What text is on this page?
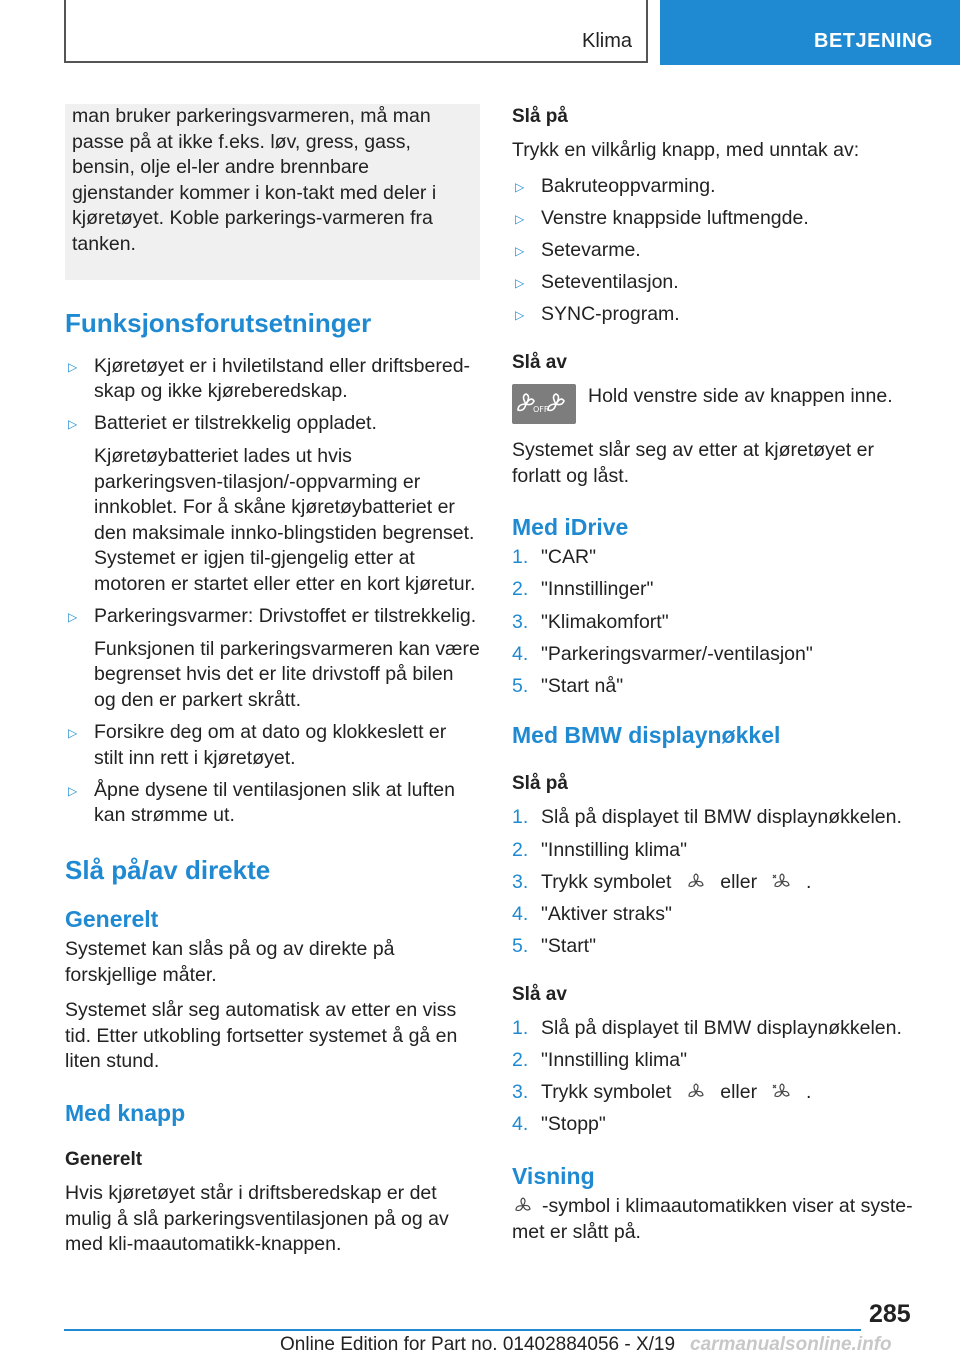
Klima	BETJENING
man bruker parkeringsvarmeren, må man passe på at ikke f.eks. løv, gress, gass, bensin, olje el-ler andre brennbare gjenstander kommer i kon-takt med deler i kjøretøyet. Koble parkerings-varmeren fra tanken.
Funksjonsforutsetninger
▷ Kjøretøyet er i hviletilstand eller driftsbered-skap og ikke kjøreberedskap.
▷ Batteriet er tilstrekkelig oppladet.
Kjøretøybatteriet lades ut hvis parkeringsven-tilasjon/-oppvarming er innkoblet. For å skåne kjøretøybatteriet er den maksimale innko-blingstiden begrenset. Systemet er igjen til-gjengelig etter at motoren er startet eller etter en kort kjøretur.
▷ Parkeringsvarmer: Drivstoffet er tilstrekkelig.
Funksjonen til parkeringsvarmeren kan være begrenset hvis det er lite drivstoff på bilen og den er parkert skrått.
▷ Forsikre deg om at dato og klokkeslett er stilt inn rett i kjøretøyet.
▷ Åpne dysene til ventilasjonen slik at luften kan strømme ut.
Slå på/av direkte
Generelt

Systemet kan slås på og av direkte på forskjellige måter.

Systemet slår seg automatisk av etter en viss tid. Etter utkobling fortsetter systemet å gå en liten stund.

Med knapp
Generelt

Hvis kjøretøyet står i driftsberedskap er det mulig å slå parkeringsventilasjonen på og av med kli-maautomatikk-knappen.

Slå på

Trykk en vilkårlig knapp, med unntak av:

▷ Bakruteoppvarming.
▷ Venstre knappside luftmengde.
▷ Setevarme.
▷ Seteventilasjon.
▷ SYNC-program.
Slå av
OFF

Hold venstre side av knappen inne.

Systemet slår seg av etter at kjøretøyet er forlatt og låst.

Med iDrive
1. "CAR"
2. "Innstillinger"
3. "Klimakomfort"
4. "Parkeringsvarmer/-ventilasjon"
5. "Start nå"
Med BMW displaynøkkel
Slå på
1. Slå på displayet til BMW displaynøkkelen.
2. "Innstilling klima"
3. Trykk symbolet	eller	.
4. "Aktiver straks"
5. "Start"
Slå av
1. Slå på displayet til BMW displaynøkkelen.
2. "Innstilling klima"
3. Trykk symbolet	eller	.
4. "Stopp"
Visning

-symbol i klimaautomatikken viser at syste-met er slått på.

285
Online Edition for Part no. 01402884056 - X/19 carmanualsonline.info
